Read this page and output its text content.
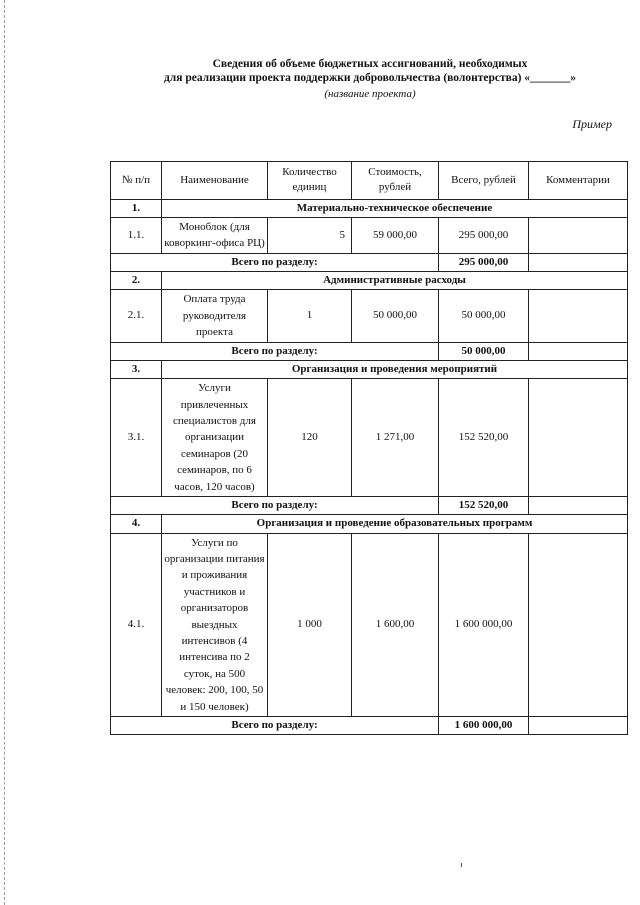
Сведения об объеме бюджетных ассигнований, необходимых
для реализации проекта поддержки добровольчества (волонтерства) «_______»
(название проекта)
Пример
№ п/п	Наименование	Количество единиц	Стоимость, рублей	Всего, рублей	Комментарии
1.	Материально-техническое обеспечение				
1.1.	Моноблок (для коворкинг-офиса РЦ)	5	59 000,00	295 000,00	
Всего по разделу:				295 000,00	
2.	Административные расходы				
2.1.	Оплата труда руководителя проекта	1	50 000,00	50 000,00	
Всего по разделу:				50 000,00	
3.	Организация и проведения мероприятий				
3.1.	Услуги привлеченных специалистов для организации семинаров (20 семинаров, по 6 часов, 120 часов)	120	1 271,00	152 520,00	
Всего по разделу:				152 520,00	
4.	Организация и проведение образовательных программ				
4.1.	Услуги по организации питания и проживания участников и организаторов выездных интенсивов (4 интенсива по 2 суток, на 500 человек: 200, 100, 50 и 150 человек)	1 000	1 600,00	1 600 000,00	
Всего по разделу:				1 600 000,00	
